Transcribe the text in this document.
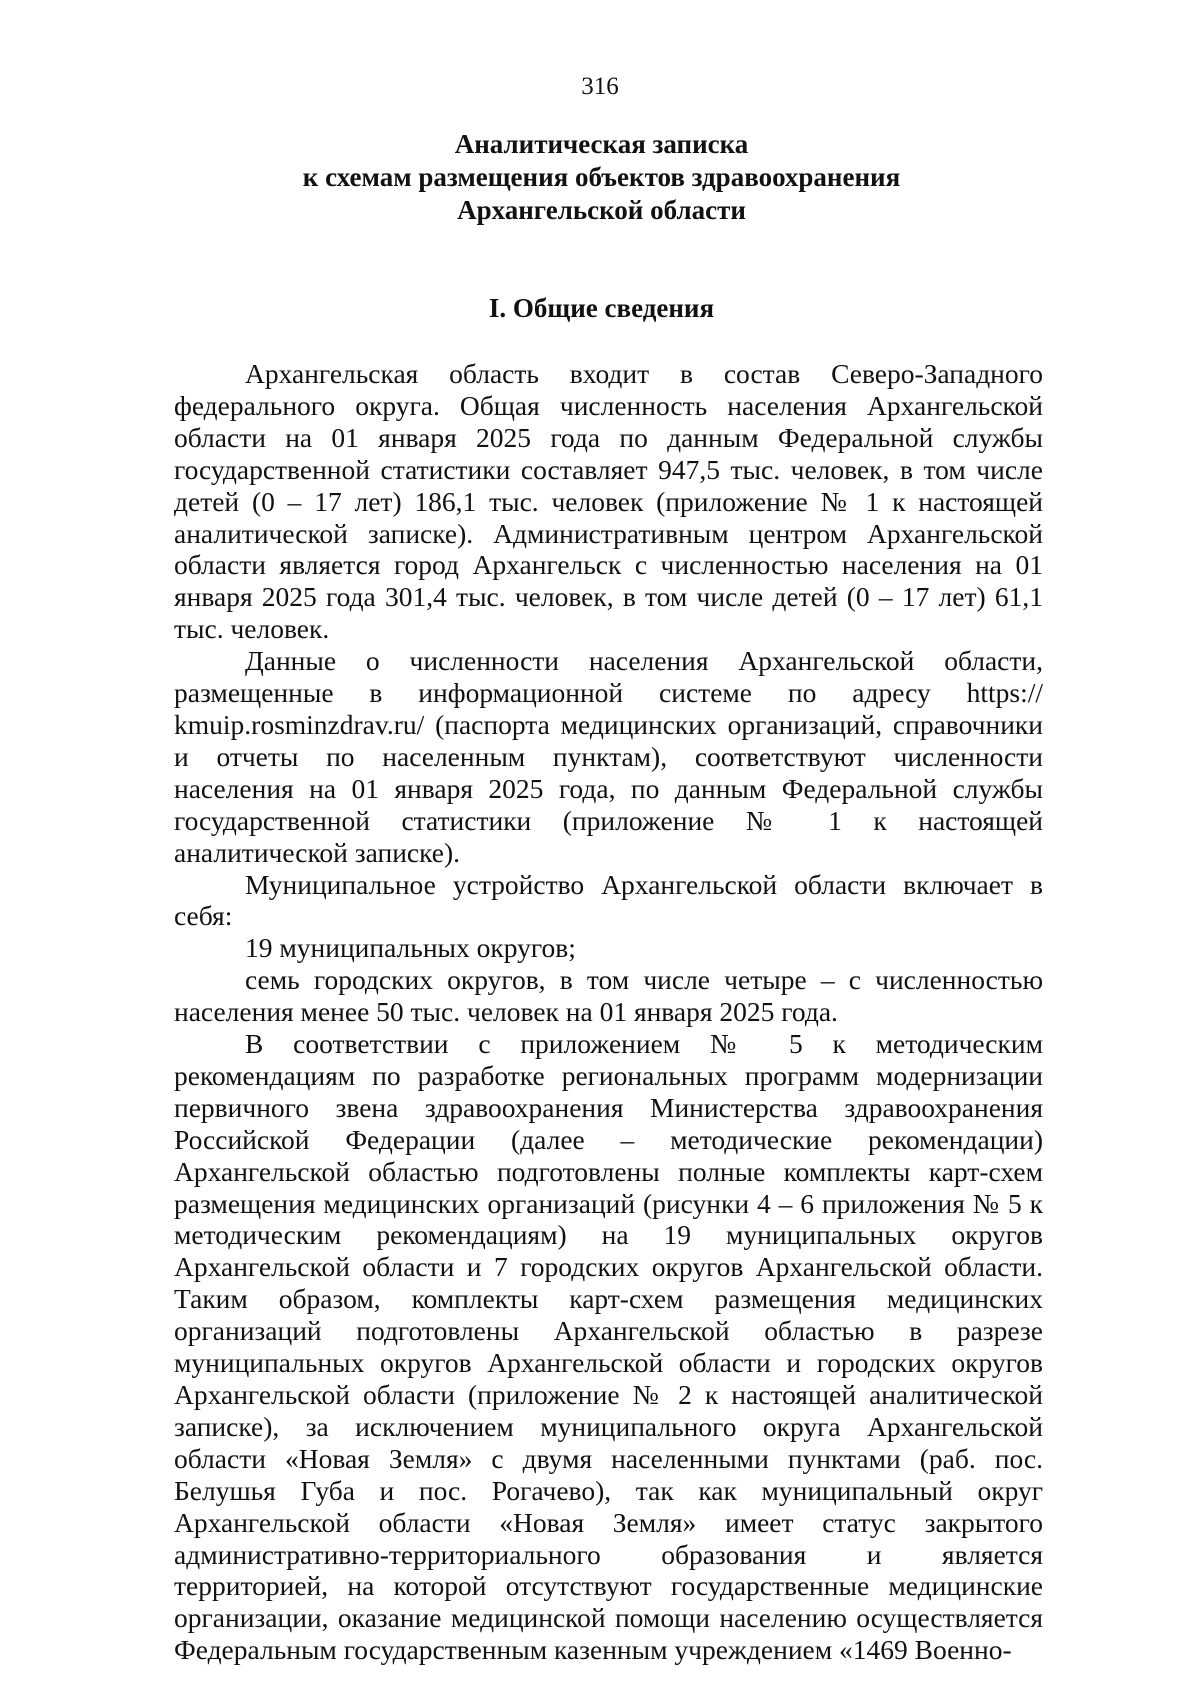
316
Аналитическая записка
к схемам размещения объектов здравоохранения
Архангельской области
I. Общие сведения

Архангельская область входит в состав Северо-Западного федерального округа. Общая численность населения Архангельской области на 01 января 2025 года по данным Федеральной службы государственной статистики составляет 947,5 тыс. человек, в том числе детей (0 – 17 лет) 186,1 тыс. человек (приложение № 1 к настоящей аналитической записке). Административным центром Архангельской области является город Архангельск с численностью населения на 01 января 2025 года 301,4 тыс. человек, в том числе детей (0 – 17 лет) 61,1 тыс. человек.

Данные о численности населения Архангельской области, размещенные в информационной системе по адресу https:// kmuip.rosminzdrav.ru/ (паспорта медицинских организаций, справочники и отчеты по населенным пунктам), соответствуют численности населения на 01 января 2025 года, по данным Федеральной службы государственной статистики (приложение № 1 к настоящей аналитической записке).

Муниципальное устройство Архангельской области включает в себя:

19 муниципальных округов;

семь городских округов, в том числе четыре – с численностью населения менее 50 тыс. человек на 01 января 2025 года.

В соответствии с приложением № 5 к методическим рекомендациям по разработке региональных программ модернизации первичного звена здравоохранения Министерства здравоохранения Российской Федерации (далее – методические рекомендации) Архангельской областью подготовлены полные комплекты карт-схем размещения медицинских организаций (рисунки 4 – 6 приложения № 5 к методическим рекомендациям) на 19 муниципальных округов Архангельской области и 7 городских округов Архангельской области. Таким образом, комплекты карт-схем размещения медицинских организаций подготовлены Архангельской областью в разрезе муниципальных округов Архангельской области и городских округов Архангельской области (приложение № 2 к настоящей аналитической записке), за исключением муниципального округа Архангельской области «Новая Земля» с двумя населенными пунктами (раб. пос. Белушья Губа и пос. Рогачево), так как муниципальный округ Архангельской области «Новая Земля» имеет статус закрытого административно-территориального образования и является территорией, на которой отсутствуют государственные медицинские организации, оказание медицинской помощи населению осуществляется Федеральным государственным казенным учреждением «1469 Военно-
